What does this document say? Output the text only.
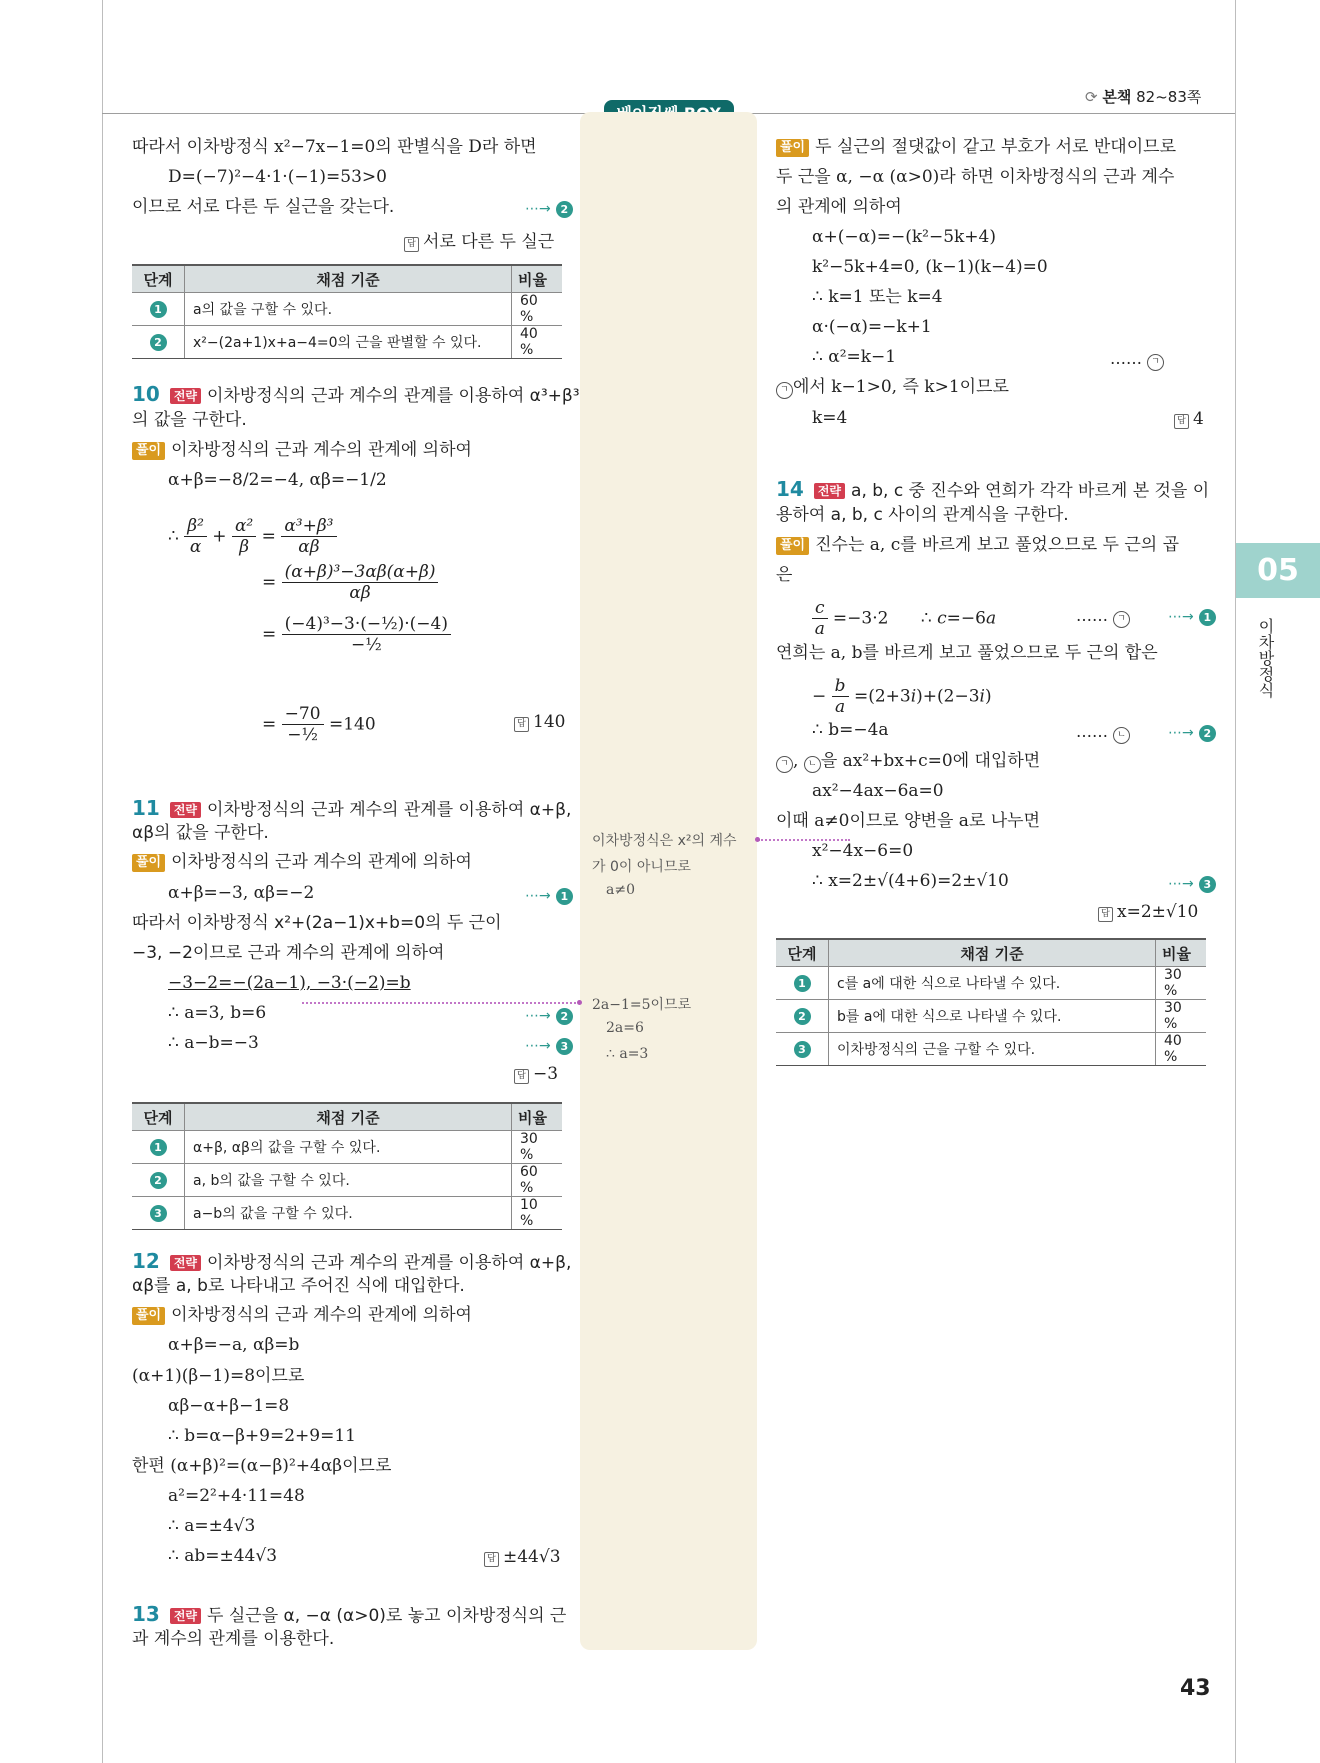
⟳ 본책 82~83쪽
05
이차방정식
따라서 이차방정식 x²−7x−1=0의 판별식을 D라 하면
D=(−7)²−4·1·(−1)=53>0
이므로 서로 다른 두 실근을 갖는다.	⋯→ 2
답 서로 다른 두 실근
단계	채점 기준	비율
1	a의 값을 구할 수 있다.	60 %
2	x²−(2a+1)x+a−4=0의 근을 판별할 수 있다.	40 %
10 전략 이차방정식의 근과 계수의 관계를 이용하여 α³+β³
의 값을 구한다.
풀이 이차방정식의 근과 계수의 관계에 의하여
α+β=−8/2=−4, αβ=−1/2
∴ $\frac{\text{β²}}{\alpha} + \frac{\text{α²}}{\beta} = \frac{\text{α³+β³}}{\alpha\beta}$
= $\frac{\text{(α+β)³−3αβ(α+β)}}{\alpha\beta}$
= $\frac{\text{(−4)³−3·(−½)·(−4)}}{\text{−½}}$
= $\frac{-70}{\text{−½}} =140$	답 140
11 전략 이차방정식의 근과 계수의 관계를 이용하여 α+β,
αβ의 값을 구한다.
풀이 이차방정식의 근과 계수의 관계에 의하여
α+β=−3, αβ=−2	⋯→ 1
따라서 이차방정식 x²+(2a−1)x+b=0의 두 근이
−3, −2이므로 근과 계수의 관계에 의하여
−3−2=−(2a−1), −3·(−2)=b
∴ a=3, b=6	⋯→ 2
∴ a−b=−3	⋯→ 3
답 −3
단계	채점 기준	비율
1	α+β, αβ의 값을 구할 수 있다.	30 %
2	a, b의 값을 구할 수 있다.	60 %
3	a−b의 값을 구할 수 있다.	10 %
12 전략 이차방정식의 근과 계수의 관계를 이용하여 α+β,
αβ를 a, b로 나타내고 주어진 식에 대입한다.
풀이 이차방정식의 근과 계수의 관계에 의하여
α+β=−a, αβ=b
(α+1)(β−1)=8이므로
αβ−α+β−1=8
∴ b=α−β+9=2+9=11
한편 (α+β)²=(α−β)²+4αβ이므로
a²=2²+4·11=48
∴ a=±4√3
∴ ab=±44√3	답 ±44√3
13 전략 두 실근을 α, −α (α>0)로 놓고 이차방정식의 근
과 계수의 관계를 이용한다.
이차방정식은 x²의 계수
가 0이 아니므로
a≠0
2a−1=5이므로
2a=6
∴ a=3
풀이 두 실근의 절댓값이 같고 부호가 서로 반대이므로
두 근을 α, −α (α>0)라 하면 이차방정식의 근과 계수
의 관계에 의하여
α+(−α)=−(k²−5k+4)
k²−5k+4=0, (k−1)(k−4)=0
∴ k=1 또는 k=4
α·(−α)=−k+1
∴ α²=k−1	…… ㄱ
ㄱ 에서 k−1>0, 즉 k>1이므로
k=4	답 4
14 전략 a, b, c 중 진수와 연희가 각각 바르게 본 것을 이
용하여 a, b, c 사이의 관계식을 구한다.
풀이 진수는 a, c를 바르게 보고 풀었으므로 두 근의 곱
은
$\frac{c}{a} =-3\cdot 2$      ∴ c=−6a	…… ㄱ	⋯→ 1
연희는 a, b를 바르게 보고 풀었으므로 두 근의 합은
− $\frac{b}{a} =(2+3i)+(2-3i)$
∴ b=−4a	…… ㄴ	⋯→ 2
ㄱ , ㄴ 을 ax²+bx+c=0에 대입하면
ax²−4ax−6a=0
이때 a≠0이므로 양변을 a로 나누면
x²−4x−6=0
∴ x=2±√(4+6)=2±√10	⋯→ 3
답 x=2±√10
단계	채점 기준	비율
1	c를 a에 대한 식으로 나타낼 수 있다.	30 %
2	b를 a에 대한 식으로 나타낼 수 있다.	30 %
3	이차방정식의 근을 구할 수 있다.	40 %
43
